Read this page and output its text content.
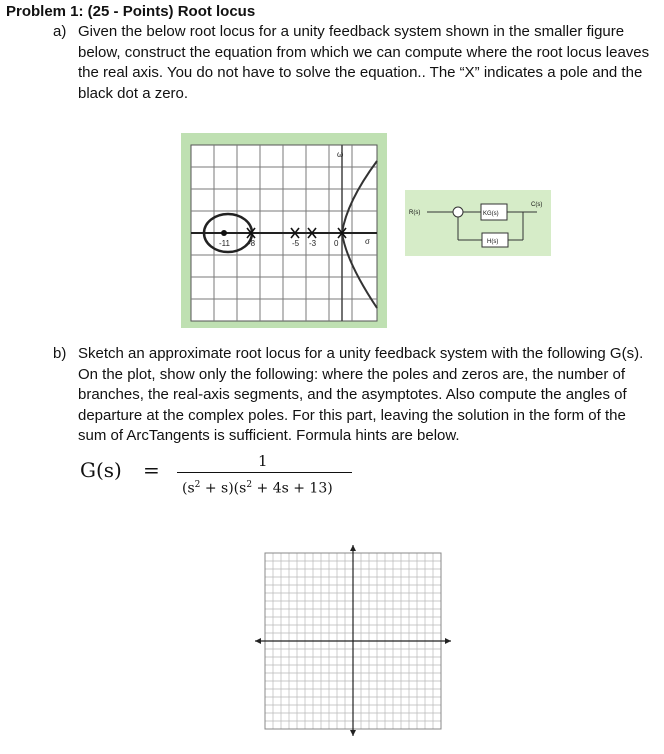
Problem 1: (25 - Points) Root locus
a) Given the below root locus for a unity feedback system shown in the smaller figure below, construct the equation from which we can compute where the root locus leaves the real axis. You do not have to solve the equation.. The “X” indicates a pole and the black dot a zero.
-11 -8	-5 -3 0	σ
ω
R(s)
C(s)
KG(s)
H(s)
b) Sketch an approximate root locus for a unity feedback system with the following G(s). On the plot, show only the following: where the poles and zeros are, the number of branches, the real-axis segments, and the asymptotes. Also compute the angles of departure at the complex poles. For this part, leaving the solution in the form of the sum of ArcTangents is sufficient. Formula hints are below.
G(s) =	1
$(s^2 + s)(s^2 + 4s + 13)$
